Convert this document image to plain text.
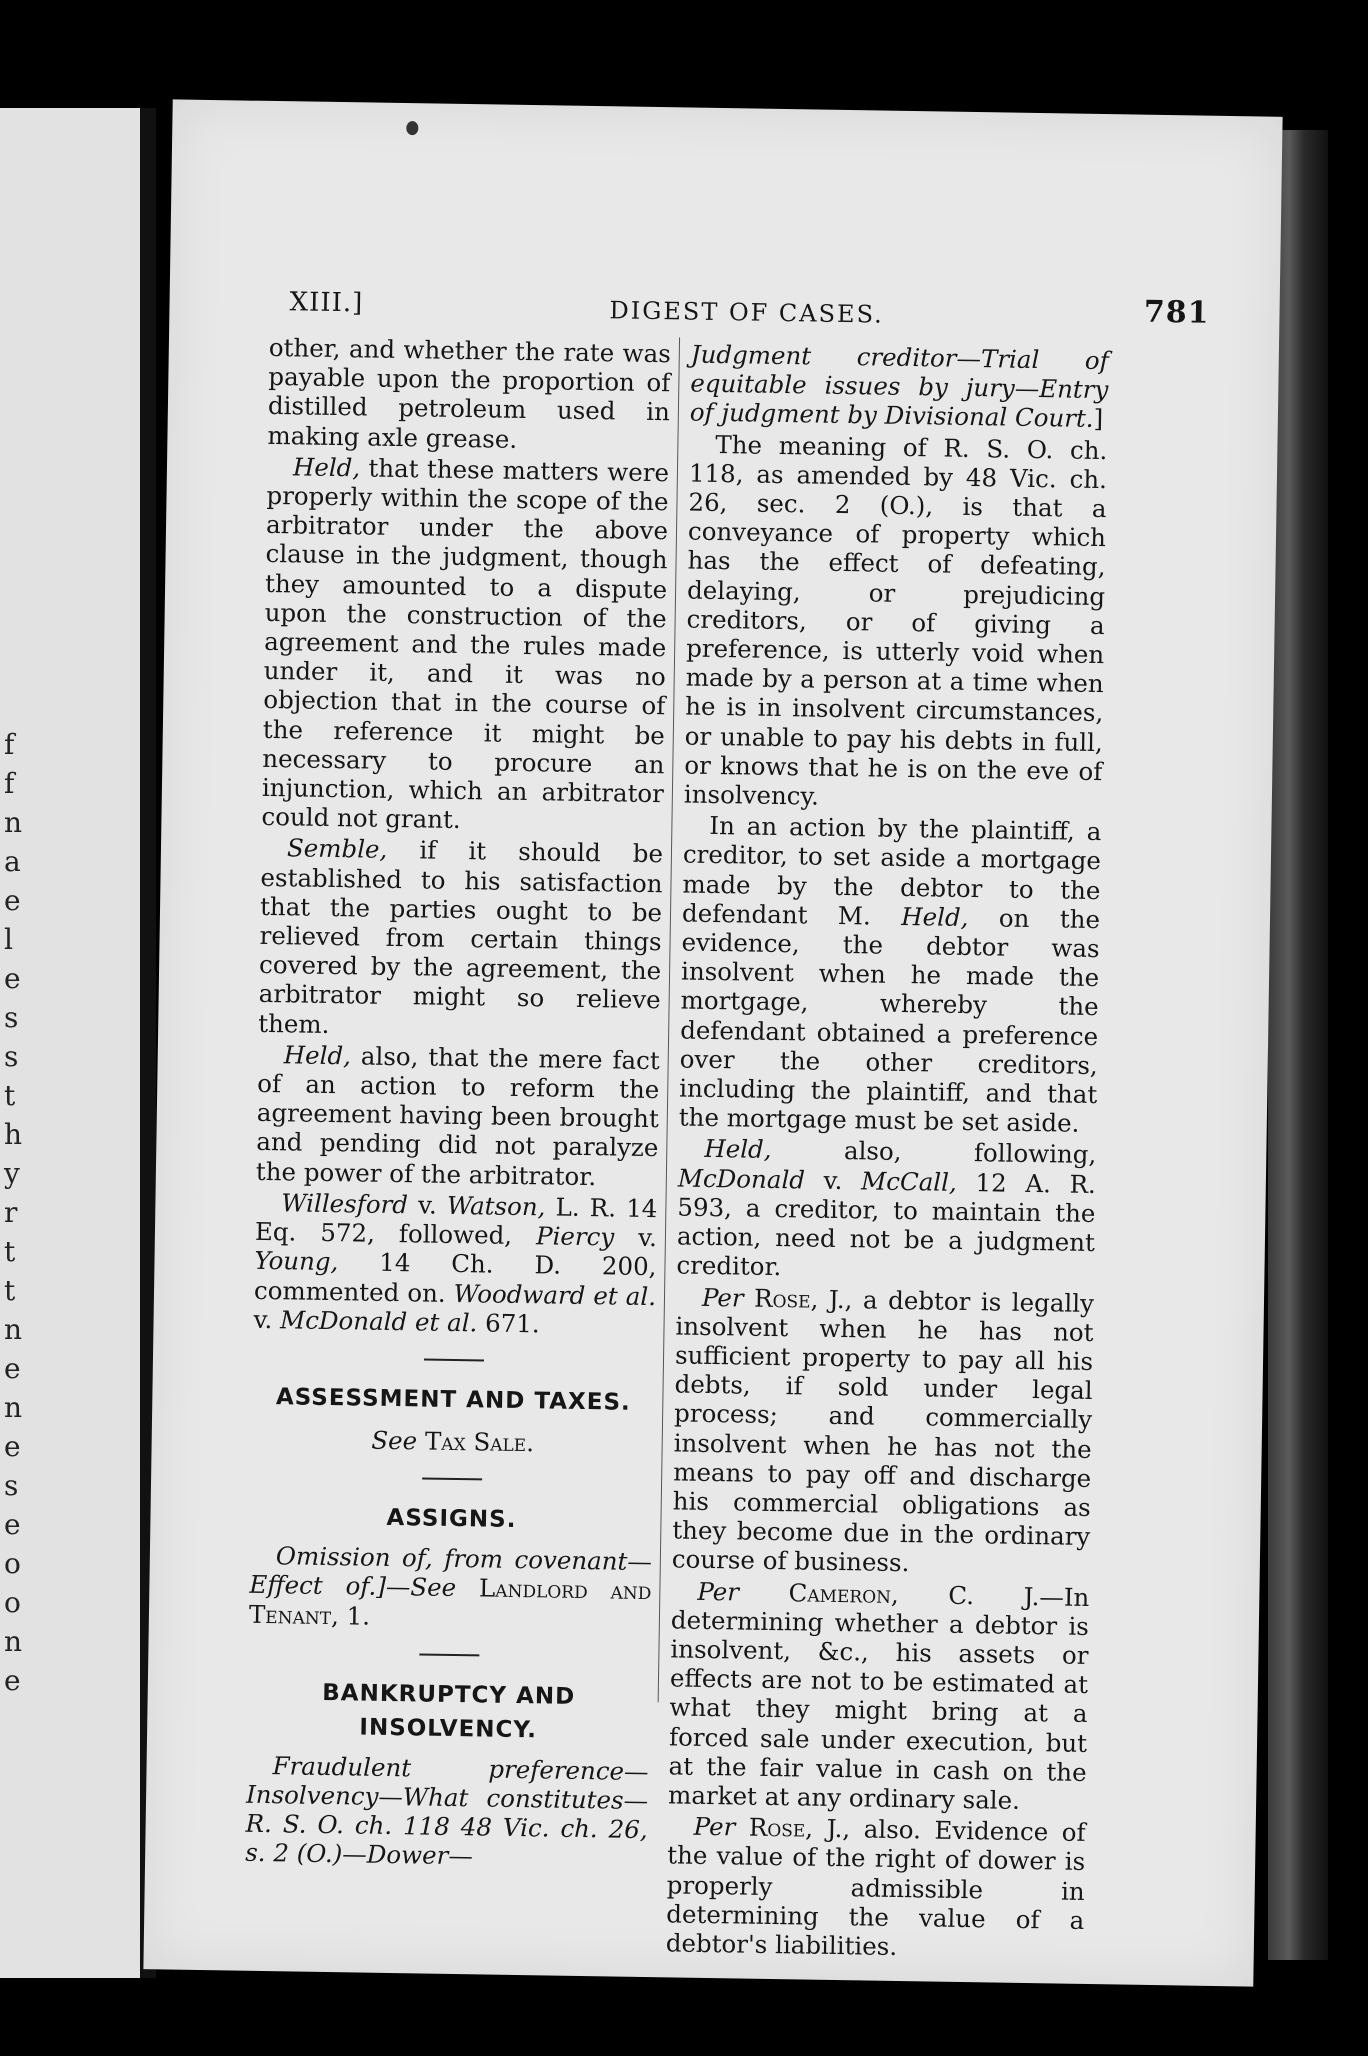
f
f
n
a
e
l
e
s
s
t
h
y
r
t
t
n
e
n
e
s
e
o
o
n
e
XIII.]	DIGEST OF CASES.	781

other, and whether the rate was payable upon the proportion of distilled petroleum used in making axle grease.

Held, that these matters were properly within the scope of the arbitrator under the above clause in the judgment, though they amounted to a dispute upon the construction of the agreement and the rules made under it, and it was no objection that in the course of the reference it might be necessary to procure an injunction, which an arbitrator could not grant.

Semble, if it should be established to his satisfaction that the parties ought to be relieved from certain things covered by the agreement, the arbitrator might so relieve them.

Held, also, that the mere fact of an action to reform the agreement having been brought and pending did not paralyze the power of the arbitrator.

Willesford v. Watson, L. R. 14 Eq. 572, followed, Piercy v. Young, 14 Ch. D. 200, commented on. Woodward et al. v. McDonald et al. 671.

ASSESSMENT AND TAXES.

See Tax Sale.

ASSIGNS.

Omission of, from covenant—Effect of.]—See Landlord and Tenant, 1.

BANKRUPTCY AND INSOLVENCY.

Fraudulent preference—Insolvency—What constitutes—R. S. O. ch. 118 48 Vic. ch. 26, s. 2 (O.)—Dower—

Judgment creditor—Trial of equitable issues by jury—Entry of judgment by Divisional Court.]

The meaning of R. S. O. ch. 118, as amended by 48 Vic. ch. 26, sec. 2 (O.), is that a conveyance of property which has the effect of defeating, delaying, or prejudicing creditors, or of giving a preference, is utterly void when made by a person at a time when he is in insolvent circumstances, or unable to pay his debts in full, or knows that he is on the eve of insolvency.

In an action by the plaintiff, a creditor, to set aside a mortgage made by the debtor to the defendant M. Held, on the evidence, the debtor was insolvent when he made the mortgage, whereby the defendant obtained a preference over the other creditors, including the plaintiff, and that the mortgage must be set aside.

Held, also, following, McDonald v. McCall, 12 A. R. 593, a creditor, to maintain the action, need not be a judgment creditor.

Per Rose, J., a debtor is legally insolvent when he has not sufficient property to pay all his debts, if sold under legal process; and commercially insolvent when he has not the means to pay off and discharge his commercial obligations as they become due in the ordinary course of business.

Per Cameron, C. J.—In determining whether a debtor is insolvent, &c., his assets or effects are not to be estimated at what they might bring at a forced sale under execution, but at the fair value in cash on the market at any ordinary sale.

Per Rose, J., also. Evidence of the value of the right of dower is properly admissible in determining the value of a debtor's liabilities.
